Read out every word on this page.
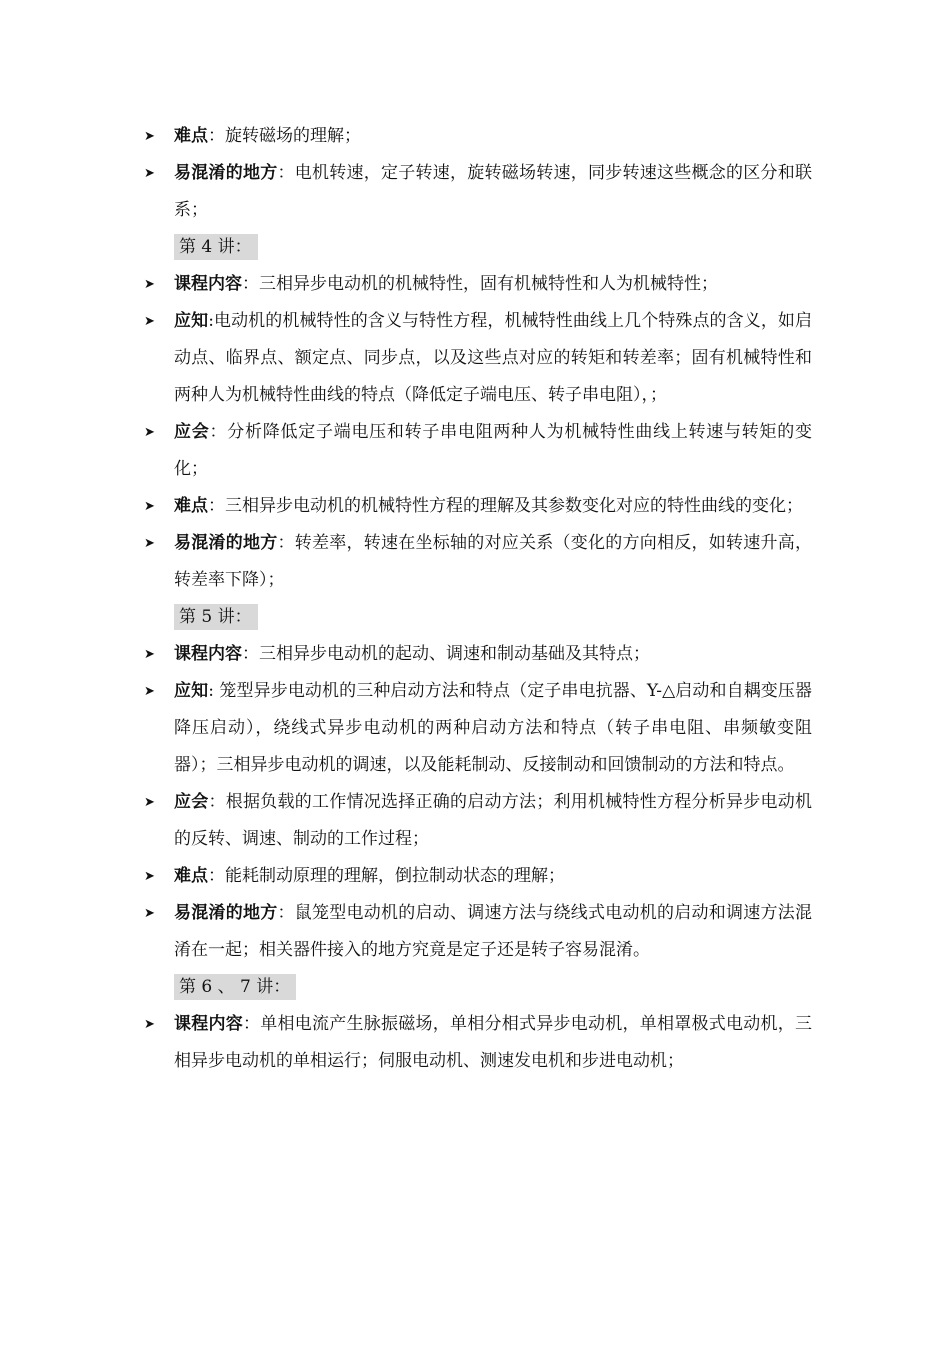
➤	难点：旋转磁场的理解；
➤	易混淆的地方：电机转速，定子转速，旋转磁场转速，同步转速这些概念的区分和联系；
第 4 讲：
➤	课程内容：三相异步电动机的机械特性，固有机械特性和人为机械特性；
➤	应知:电动机的机械特性的含义与特性方程，机械特性曲线上几个特殊点的含义，如启动点、临界点、额定点、同步点，以及这些点对应的转矩和转差率；固有机械特性和两种人为机械特性曲线的特点（降低定子端电压、转子串电阻），；
➤	应会：分析降低定子端电压和转子串电阻两种人为机械特性曲线上转速与转矩的变化；
➤	难点：三相异步电动机的机械特性方程的理解及其参数变化对应的特性曲线的变化；
➤	易混淆的地方：转差率，转速在坐标轴的对应关系（变化的方向相反，如转速升高，转差率下降）；
第 5 讲：
➤	课程内容：三相异步电动机的起动、调速和制动基础及其特点；
➤	应知: 笼型异步电动机的三种启动方法和特点（定子串电抗器、Y-△启动和自耦变压器降压启动），绕线式异步电动机的两种启动方法和特点（转子串电阻、串频敏变阻器）；三相异步电动机的调速，以及能耗制动、反接制动和回馈制动的方法和特点。
➤	应会：根据负载的工作情况选择正确的启动方法；利用机械特性方程分析异步电动机的反转、调速、制动的工作过程；
➤	难点：能耗制动原理的理解，倒拉制动状态的理解；
➤	易混淆的地方：鼠笼型电动机的启动、调速方法与绕线式电动机的启动和调速方法混淆在一起；相关器件接入的地方究竟是定子还是转子容易混淆。
第 6 、 7 讲：
➤	课程内容：单相电流产生脉振磁场，单相分相式异步电动机，单相罩极式电动机，三相异步电动机的单相运行；伺服电动机、测速发电机和步进电动机；
